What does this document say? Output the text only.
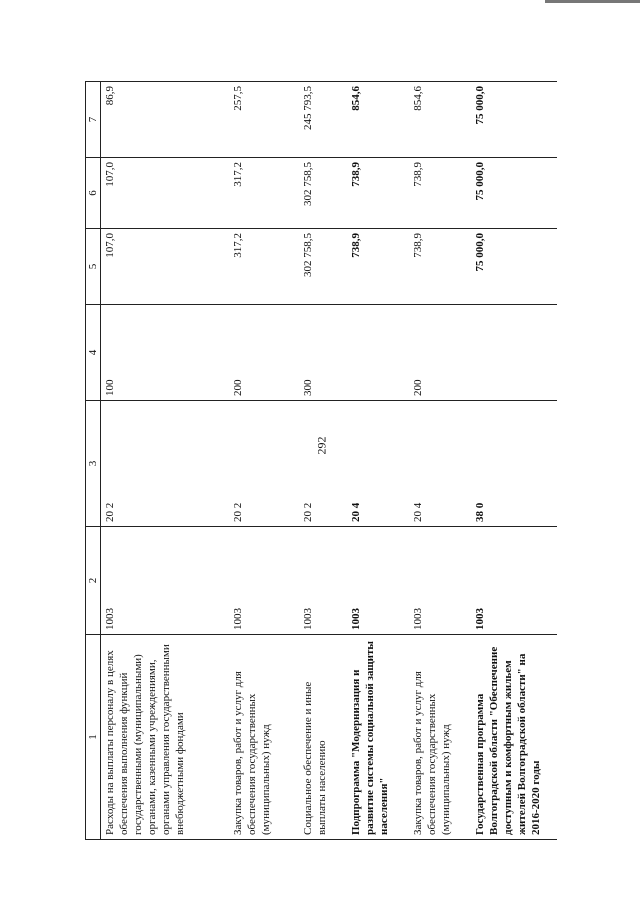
292
1	2	3	4	5	6	7
Расходы на выплаты персоналу в целях обеспечения выполнения функций государственными (муниципальными) органами, казенными учреждениями, органами управления государственными внебюджетными фондами	1003	20 2	100	107,0	107,0	86,9
Закупка товаров, работ и услуг для обеспечения государственных (муниципальных) нужд	1003	20 2	200	317,2	317,2	257,5
Социальное обеспечение и иные выплаты населению	1003	20 2	300	302 758,5	302 758,5	245 793,5
Подпрограмма "Модернизация и развитие системы социальной защиты населения"	1003	20 4		738,9	738,9	854,6
Закупка товаров, работ и услуг для обеспечения государственных (муниципальных) нужд	1003	20 4	200	738,9	738,9	854,6
Государственная программа Волгоградской области "Обеспечение доступным и комфортным жильем жителей Волгоградской области" на 2016-2020 годы	1003	38 0		75 000,0	75 000,0	75 000,0
